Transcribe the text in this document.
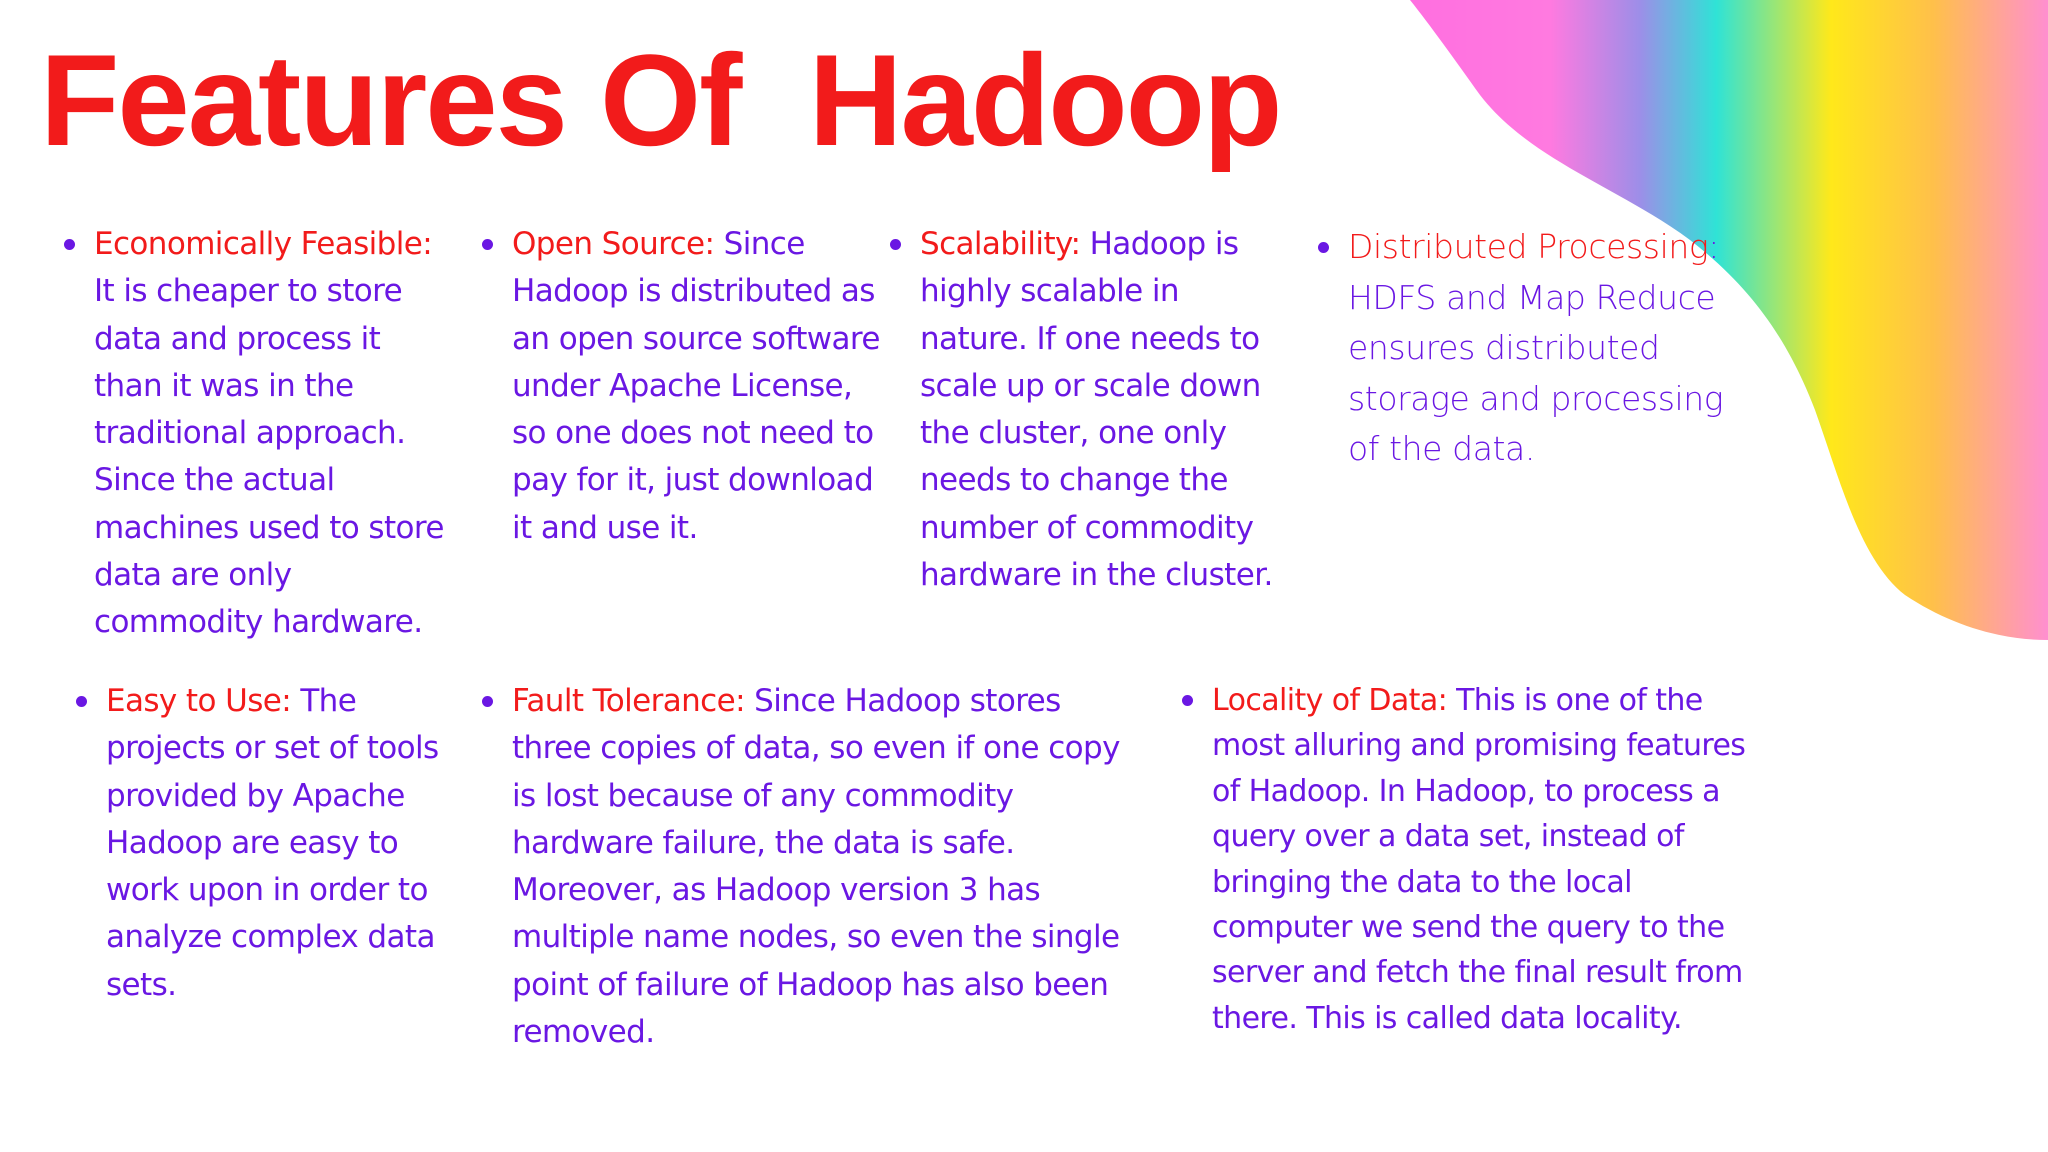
Features Of  Hadoop

Economically Feasible: It is cheaper to store data and process it than it was in the traditional approach. Since the actual machines used to store data are only commodity hardware.

Open Source: Since Hadoop is distributed as an open source software under Apache License, so one does not need to pay for it, just download it and use it.

Scalability: Hadoop is highly scalable in nature. If one needs to scale up or scale down the cluster, one only needs to change the number of commodity hardware in the cluster.

Distributed Processing: HDFS and Map Reduce ensures distributed storage and processing of the data.

Easy to Use: The projects or set of tools provided by Apache Hadoop are easy to work upon in order to analyze complex data sets.

Fault Tolerance: Since Hadoop stores three copies of data, so even if one copy is lost because of any commodity hardware failure, the data is safe. Moreover, as Hadoop version 3 has multiple name nodes, so even the single point of failure of Hadoop has also been removed.

Locality of Data: This is one of the most alluring and promising features of Hadoop. In Hadoop, to process a query over a data set, instead of bringing the data to the local computer we send the query to the server and fetch the final result from there. This is called data locality.
